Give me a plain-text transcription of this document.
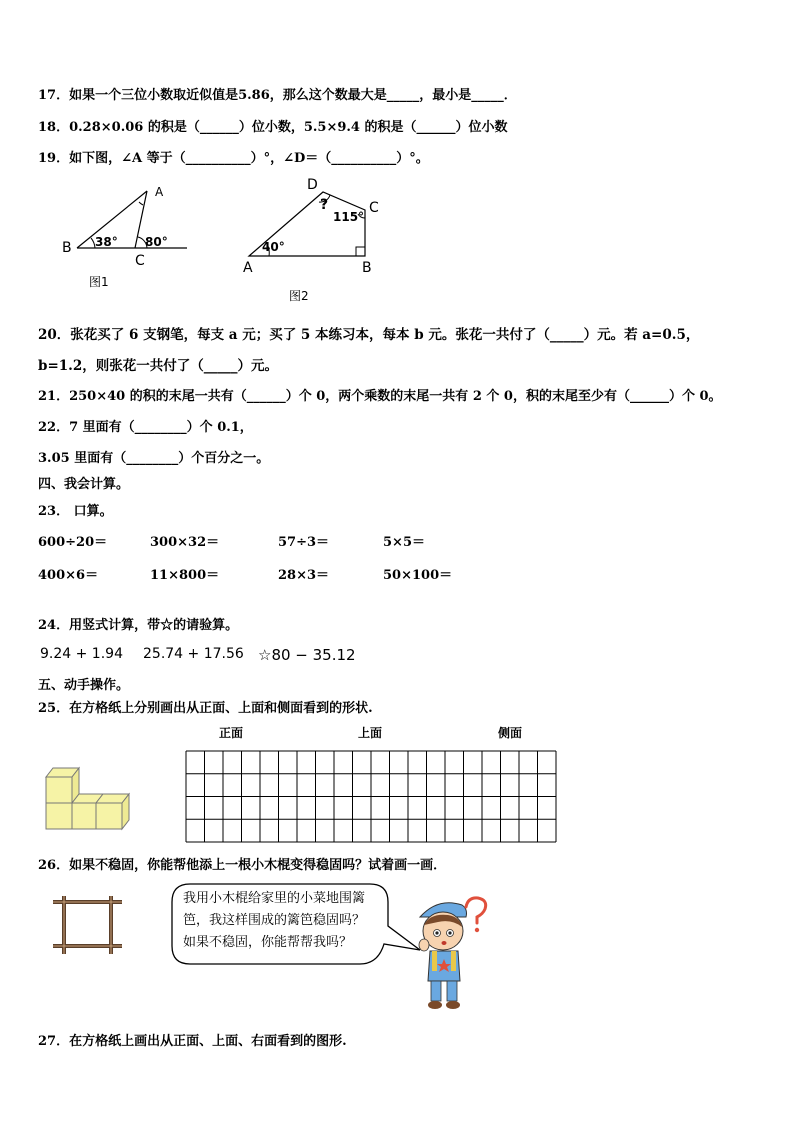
17．如果一个三位小数取近似值是5.86，那么这个数最大是_____，最小是_____．
18．0.28×0.06 的积是（______）位小数，5.5×9.4 的积是（______）位小数
19．如下图，∠A 等于（__________）°，∠D＝（__________）°。
A
B
C
38° 80°
图1
D
C
A	B
40°
115°
?
图2
20．张花买了 6 支钢笔，每支 a 元；买了 5 本练习本，每本 b 元。张花一共付了（_____）元。若 a=0.5，
b=1.2，则张花一共付了（_____）元。
21．250×40 的积的末尾一共有（______）个 0，两个乘数的末尾一共有 2 个 0，积的末尾至少有（______）个 0。
22．7 里面有（________）个 0.1，
3.05 里面有（________）个百分之一。
四、我会计算。
23． 口算。
600÷20＝	300×32＝	57÷3＝	5×5＝
400×6＝	11×800＝	28×3＝	50×100＝
24．用竖式计算，带☆的请验算。
9.24 + 1.94 25.74 + 17.56 ☆80 − 35.12
五、动手操作。
25．在方格纸上分别画出从正面、上面和侧面看到的形状.
正面	上面	侧面
26．如果不稳固，你能帮他添上一根小木棍变得稳固吗？试着画一画．
我用小木棍给家里的小菜地围篱
笆，我这样围成的篱笆稳固吗？
如果不稳固，你能帮帮我吗？
27．在方格纸上画出从正面、上面、右面看到的图形.
